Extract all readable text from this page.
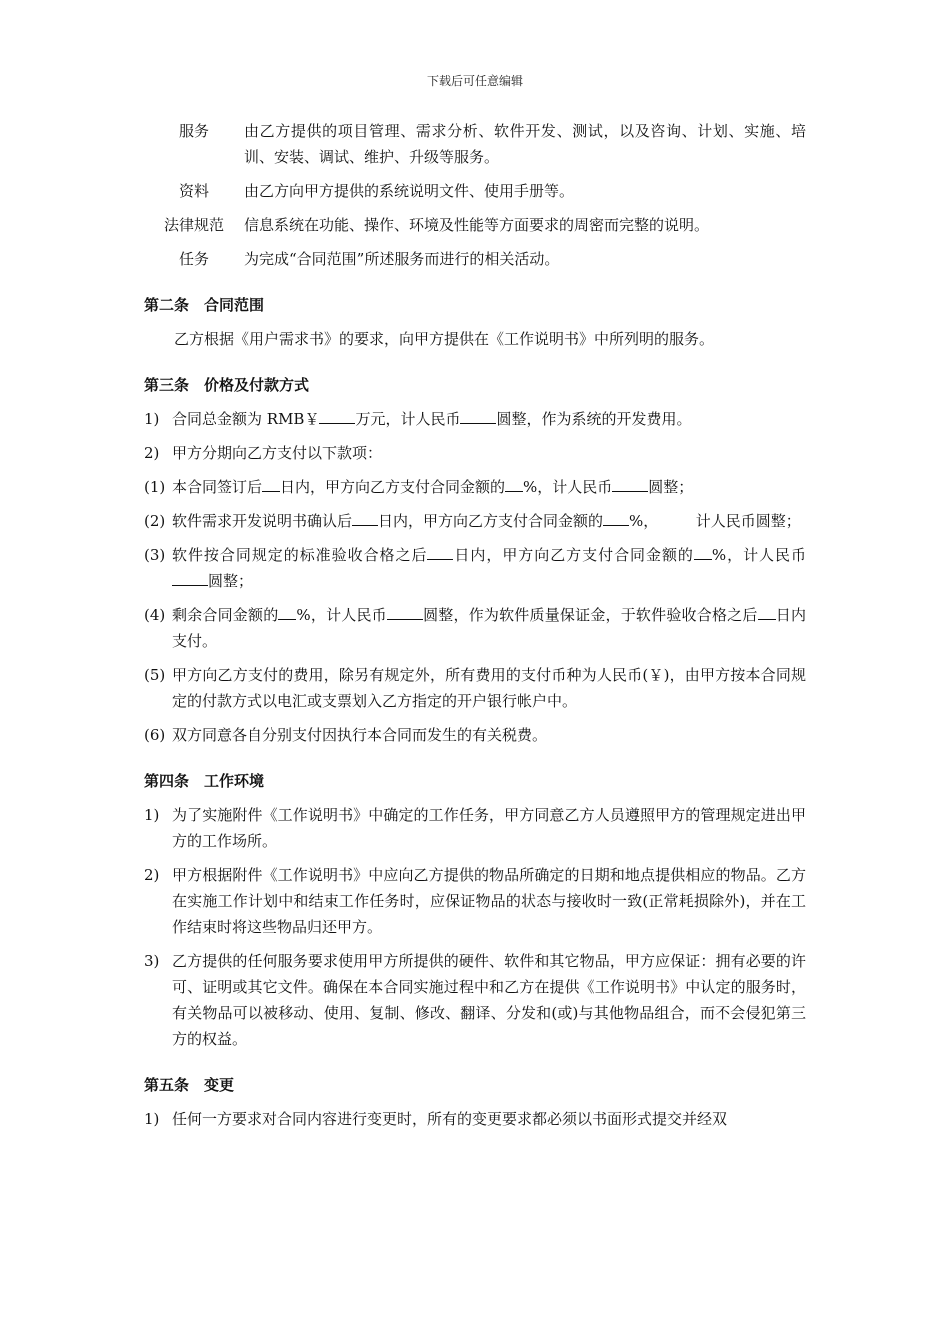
下载后可任意编辑
服务	由乙方提供的项目管理、需求分析、软件开发、测试，以及咨询、计划、实施、培训、安装、调试、维护、升级等服务。
资料	由乙方向甲方提供的系统说明文件、使用手册等。
法律规范	信息系统在功能、操作、环境及性能等方面要求的周密而完整的说明。
任务	为完成“合同范围”所述服务而进行的相关活动。
第二条　合同范围
乙方根据《用户需求书》的要求，向甲方提供在《工作说明书》中所列明的服务。
第三条　价格及付款方式
1) 合同总金额为 RMB￥ 万元，计人民币 圆整，作为系统的开发费用。
2) 甲方分期向乙方支付以下款项：
(1) 本合同签订后 日内，甲方向乙方支付合同金额的 %，计人民币 圆整；
(2) 软件需求开发说明书确认后 日内，甲方向乙方支付合同金额的 %，　　　计人民币圆整；
(3) 软件按合同规定的标准验收合格之后 日内，甲方向乙方支付合同金额的 %，计人民币圆整；
(4) 剩余合同金额的 %，计人民币 圆整，作为软件质量保证金，于软件验收合格之后 日内支付。
(5) 甲方向乙方支付的费用，除另有规定外，所有费用的支付币种为人民币(￥)，由甲方按本合同规定的付款方式以电汇或支票划入乙方指定的开户银行帐户中。
(6) 双方同意各自分别支付因执行本合同而发生的有关税费。
第四条　工作环境
1) 为了实施附件《工作说明书》中确定的工作任务，甲方同意乙方人员遵照甲方的管理规定进出甲方的工作场所。
2) 甲方根据附件《工作说明书》中应向乙方提供的物品所确定的日期和地点提供相应的物品。乙方在实施工作计划中和结束工作任务时，应保证物品的状态与接收时一致(正常耗损除外)，并在工作结束时将这些物品归还甲方。
3) 乙方提供的任何服务要求使用甲方所提供的硬件、软件和其它物品，甲方应保证：拥有必要的许可、证明或其它文件。确保在本合同实施过程中和乙方在提供《工作说明书》中认定的服务时，有关物品可以被移动、使用、复制、修改、翻译、分发和(或)与其他物品组合，而不会侵犯第三方的权益。
第五条　变更
1) 任何一方要求对合同内容进行变更时，所有的变更要求都必须以书面形式提交并经双
